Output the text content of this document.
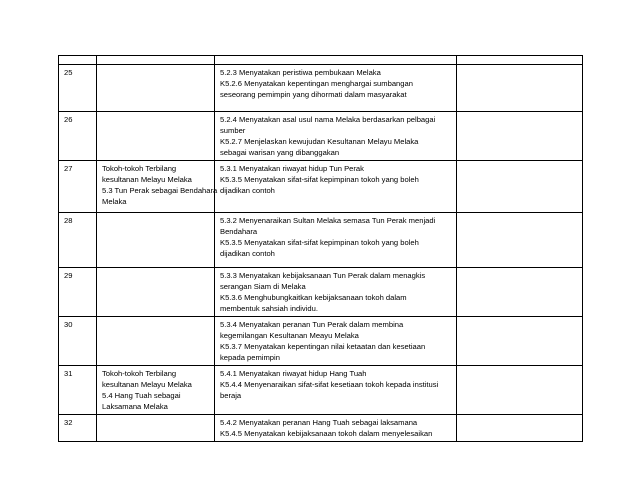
25		5.2.3 Menyatakan peristiwa pembukaan Melaka
K5.2.6 Menyatakan kepentingan menghargai sumbangan
seseorang pemimpin yang dihormati dalam masyarakat	

26		5.2.4 Menyatakan asal usul nama Melaka berdasarkan pelbagai
sumber
K5.2.7 Menjelaskan kewujudan Kesultanan Melayu Melaka
sebagai warisan yang dibanggakan	

27	Tokoh-tokoh Terbilang
kesultanan Melayu Melaka
5.3 Tun Perak sebagai Bendahara
Melaka	5.3.1 Menyatakan riwayat hidup Tun Perak
K5.3.5 Menyatakan sifat-sifat kepimpinan tokoh yang boleh
dijadikan contoh	

28		5.3.2 Menyenaraikan Sultan Melaka semasa Tun Perak menjadi
Bendahara
K5.3.5 Menyatakan sifat-sifat kepimpinan tokoh yang boleh
dijadikan contoh	

29		5.3.3 Menyatakan kebijaksanaan Tun Perak dalam menagkis
serangan Siam di Melaka
K5.3.6 Menghubungkaitkan kebijaksanaan tokoh dalam
membentuk sahsiah individu.	

30		5.3.4 Menyatakan peranan Tun Perak dalam membina
kegemilangan Kesultanan Meayu Melaka
K5.3.7 Menyatakan kepentingan nilai ketaatan dan kesetiaan
kepada pemimpin	

31	Tokoh-tokoh Terbilang
kesultanan Melayu Melaka
5.4 Hang Tuah sebagai
Laksamana Melaka	5.4.1 Menyatakan riwayat hidup Hang Tuah
K5.4.4 Menyenaraikan sifat-sifat kesetiaan tokoh kepada institusi
beraja	

32		5.4.2 Menyatakan peranan Hang Tuah sebagai laksamana
K5.4.5 Menyatakan kebijaksanaan tokoh dalam menyelesaikan	
